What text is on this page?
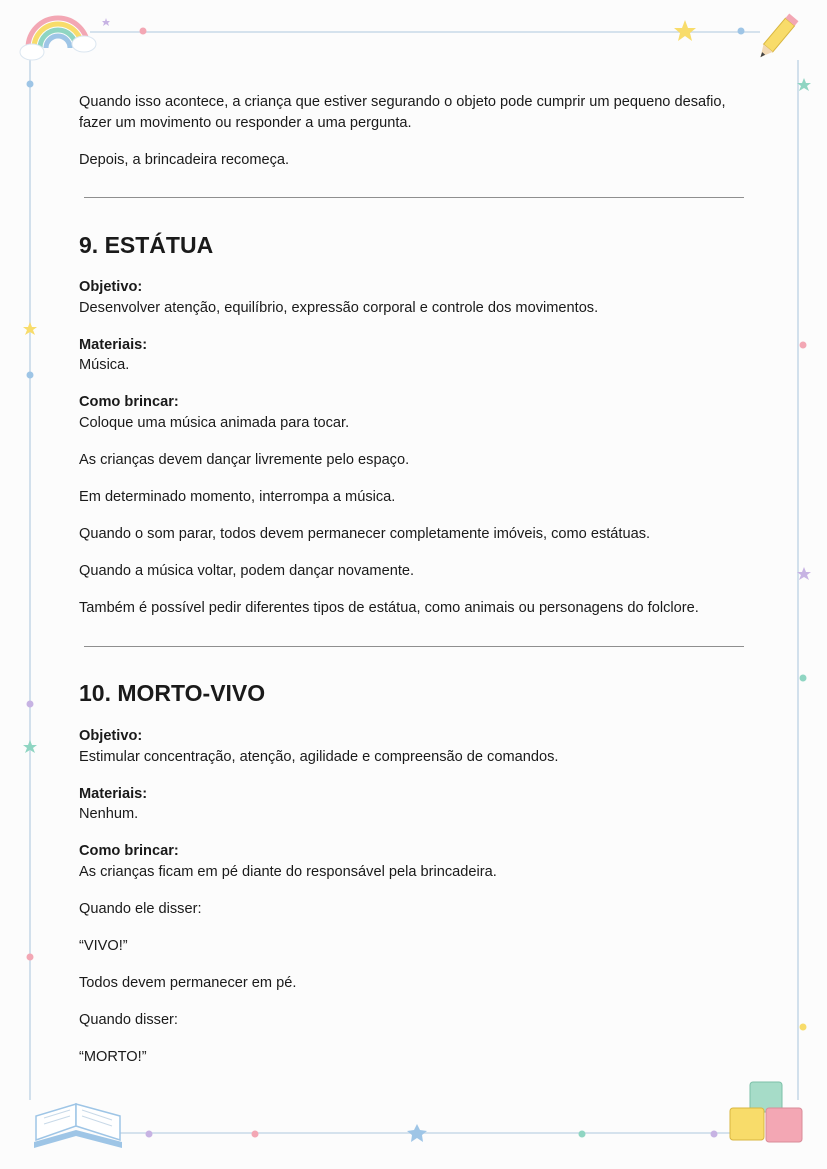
Quando isso acontece, a criança que estiver segurando o objeto pode cumprir um pequeno desafio, fazer um movimento ou responder a uma pergunta.

Depois, a brincadeira recomeça.

9. ESTÁTUA

Objetivo:

Desenvolver atenção, equilíbrio, expressão corporal e controle dos movimentos.

Materiais:

Música.

Como brincar:

Coloque uma música animada para tocar.

As crianças devem dançar livremente pelo espaço.

Em determinado momento, interrompa a música.

Quando o som parar, todos devem permanecer completamente imóveis, como estátuas.

Quando a música voltar, podem dançar novamente.

Também é possível pedir diferentes tipos de estátua, como animais ou personagens do folclore.

10. MORTO-VIVO

Objetivo:

Estimular concentração, atenção, agilidade e compreensão de comandos.

Materiais:

Nenhum.

Como brincar:

As crianças ficam em pé diante do responsável pela brincadeira.

Quando ele disser:

“VIVO!”

Todos devem permanecer em pé.

Quando disser:

“MORTO!”
